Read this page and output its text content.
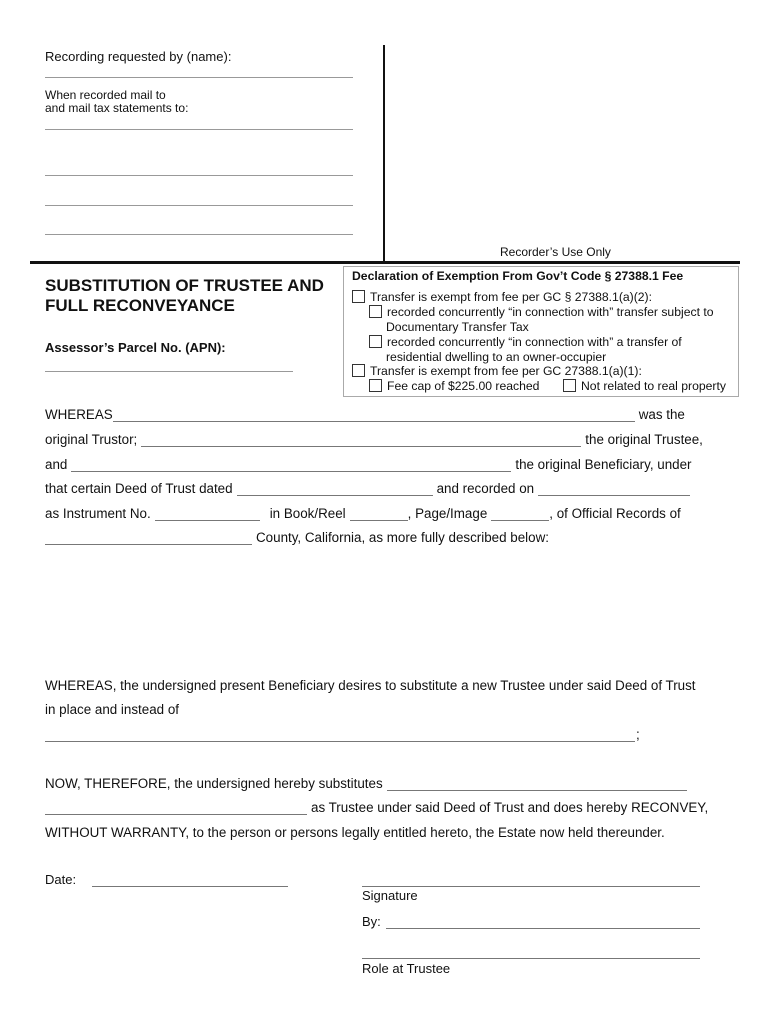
Recording requested by (name):
When recorded mail to
and mail tax statements to:
Recorder’s Use Only
SUBSTITUTION OF TRUSTEE AND
FULL RECONVEYANCE
Assessor’s Parcel No. (APN):
Declaration of Exemption From Gov’t Code § 27388.1 Fee
Transfer is exempt from fee per GC § 27388.1(a)(2):
recorded concurrently “in connection with” transfer subject to
Documentary Transfer Tax
recorded concurrently “in connection with” a transfer of
residential dwelling to an owner-occupier
Transfer is exempt from fee per GC 27388.1(a)(1):
Fee cap of $225.00 reached	Not related to real property
WHEREAS	was the
original Trustor;	the original Trustee,
and	the original Beneficiary, under
that certain Deed of Trust dated	and recorded on
as Instrument No.	in Book/Reel	, Page/Image	, of Official Records of
County, California, as more fully described below:
WHEREAS, the undersigned present Beneficiary desires to substitute a new Trustee under said Deed of Trust
in place and instead of
;
NOW, THEREFORE, the undersigned hereby substitutes
as Trustee under said Deed of Trust and does hereby RECONVEY,
WITHOUT WARRANTY, to the person or persons legally entitled hereto, the Estate now held thereunder.
Date:
Signature
By:
Role at Trustee
